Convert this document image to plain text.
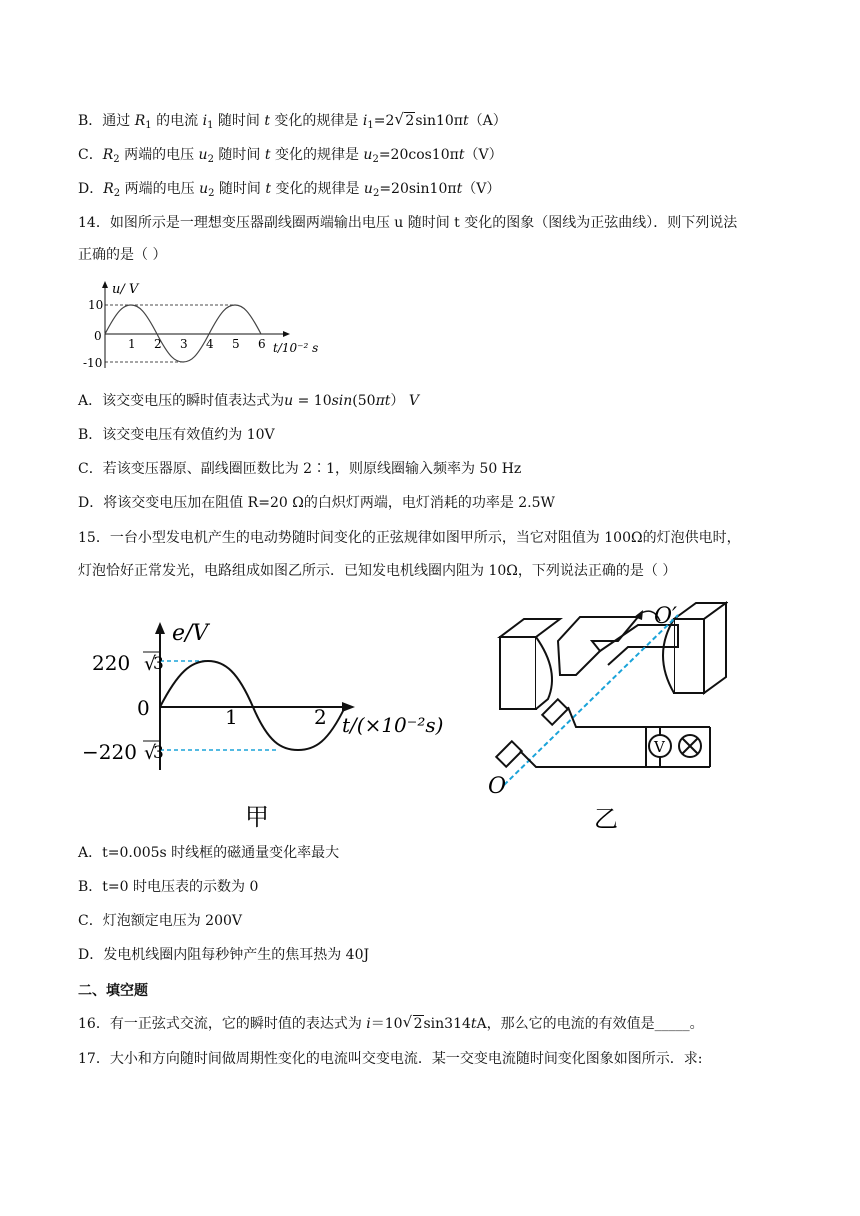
B．通过 $R_1$ 的电流 $i_1$ 随时间 t 变化的规律是 $i_1=2√$ 2sin10πt（A）
C．$R_2$ 两端的电压 $u_2$ 随时间 t 变化的规律是 $u_2=20\cos 10\pi t(V)$
D．$R_2$ 两端的电压 $u_2$ 随时间 t 变化的规律是 $u_2=20\sin 10\pi t(V)$
14．如图所示是一理想变压器副线圈两端输出电压 u 随时间 t 变化的图象（图线为正弦曲线）．则下列说法
正确的是（ ）
u/ V
10
0
-10
1 2 3 4 5 6 t/10⁻² s
A．该交变电压的瞬时值表达式为u = 10sin(50πt） V
B．该交变电压有效值约为 10V
C．若该变压器原、副线圈匝数比为 2∶1，则原线圈输入频率为 50 Hz
D．将该交变电压加在阻值 R=20 Ω的白炽灯两端，电灯消耗的功率是 2.5W
15．一台小型发电机产生的电动势随时间变化的正弦规律如图甲所示，当它对阻值为 100Ω的灯泡供电时，
灯泡恰好正常发光，电路组成如图乙所示．已知发电机线圈内阻为 10Ω，下列说法正确的是（ ）
e/V
220 √
3
0
−220 √
3
1	2 t/(×10⁻²s)
甲
V
O′
O
乙
A．t=0.005s 时线框的磁通量变化率最大
B．t=0 时电压表的示数为 0
C．灯泡额定电压为 200V
D．发电机线圈内阻每秒钟产生的焦耳热为 40J
二、填空题
16．有一正弦式交流，它的瞬时值的表达式为 i＝10√ 2sin314tA，那么它的电流的有效值是_____。
17．大小和方向随时间做周期性变化的电流叫交变电流．某一交变电流随时间变化图象如图所示．求:
